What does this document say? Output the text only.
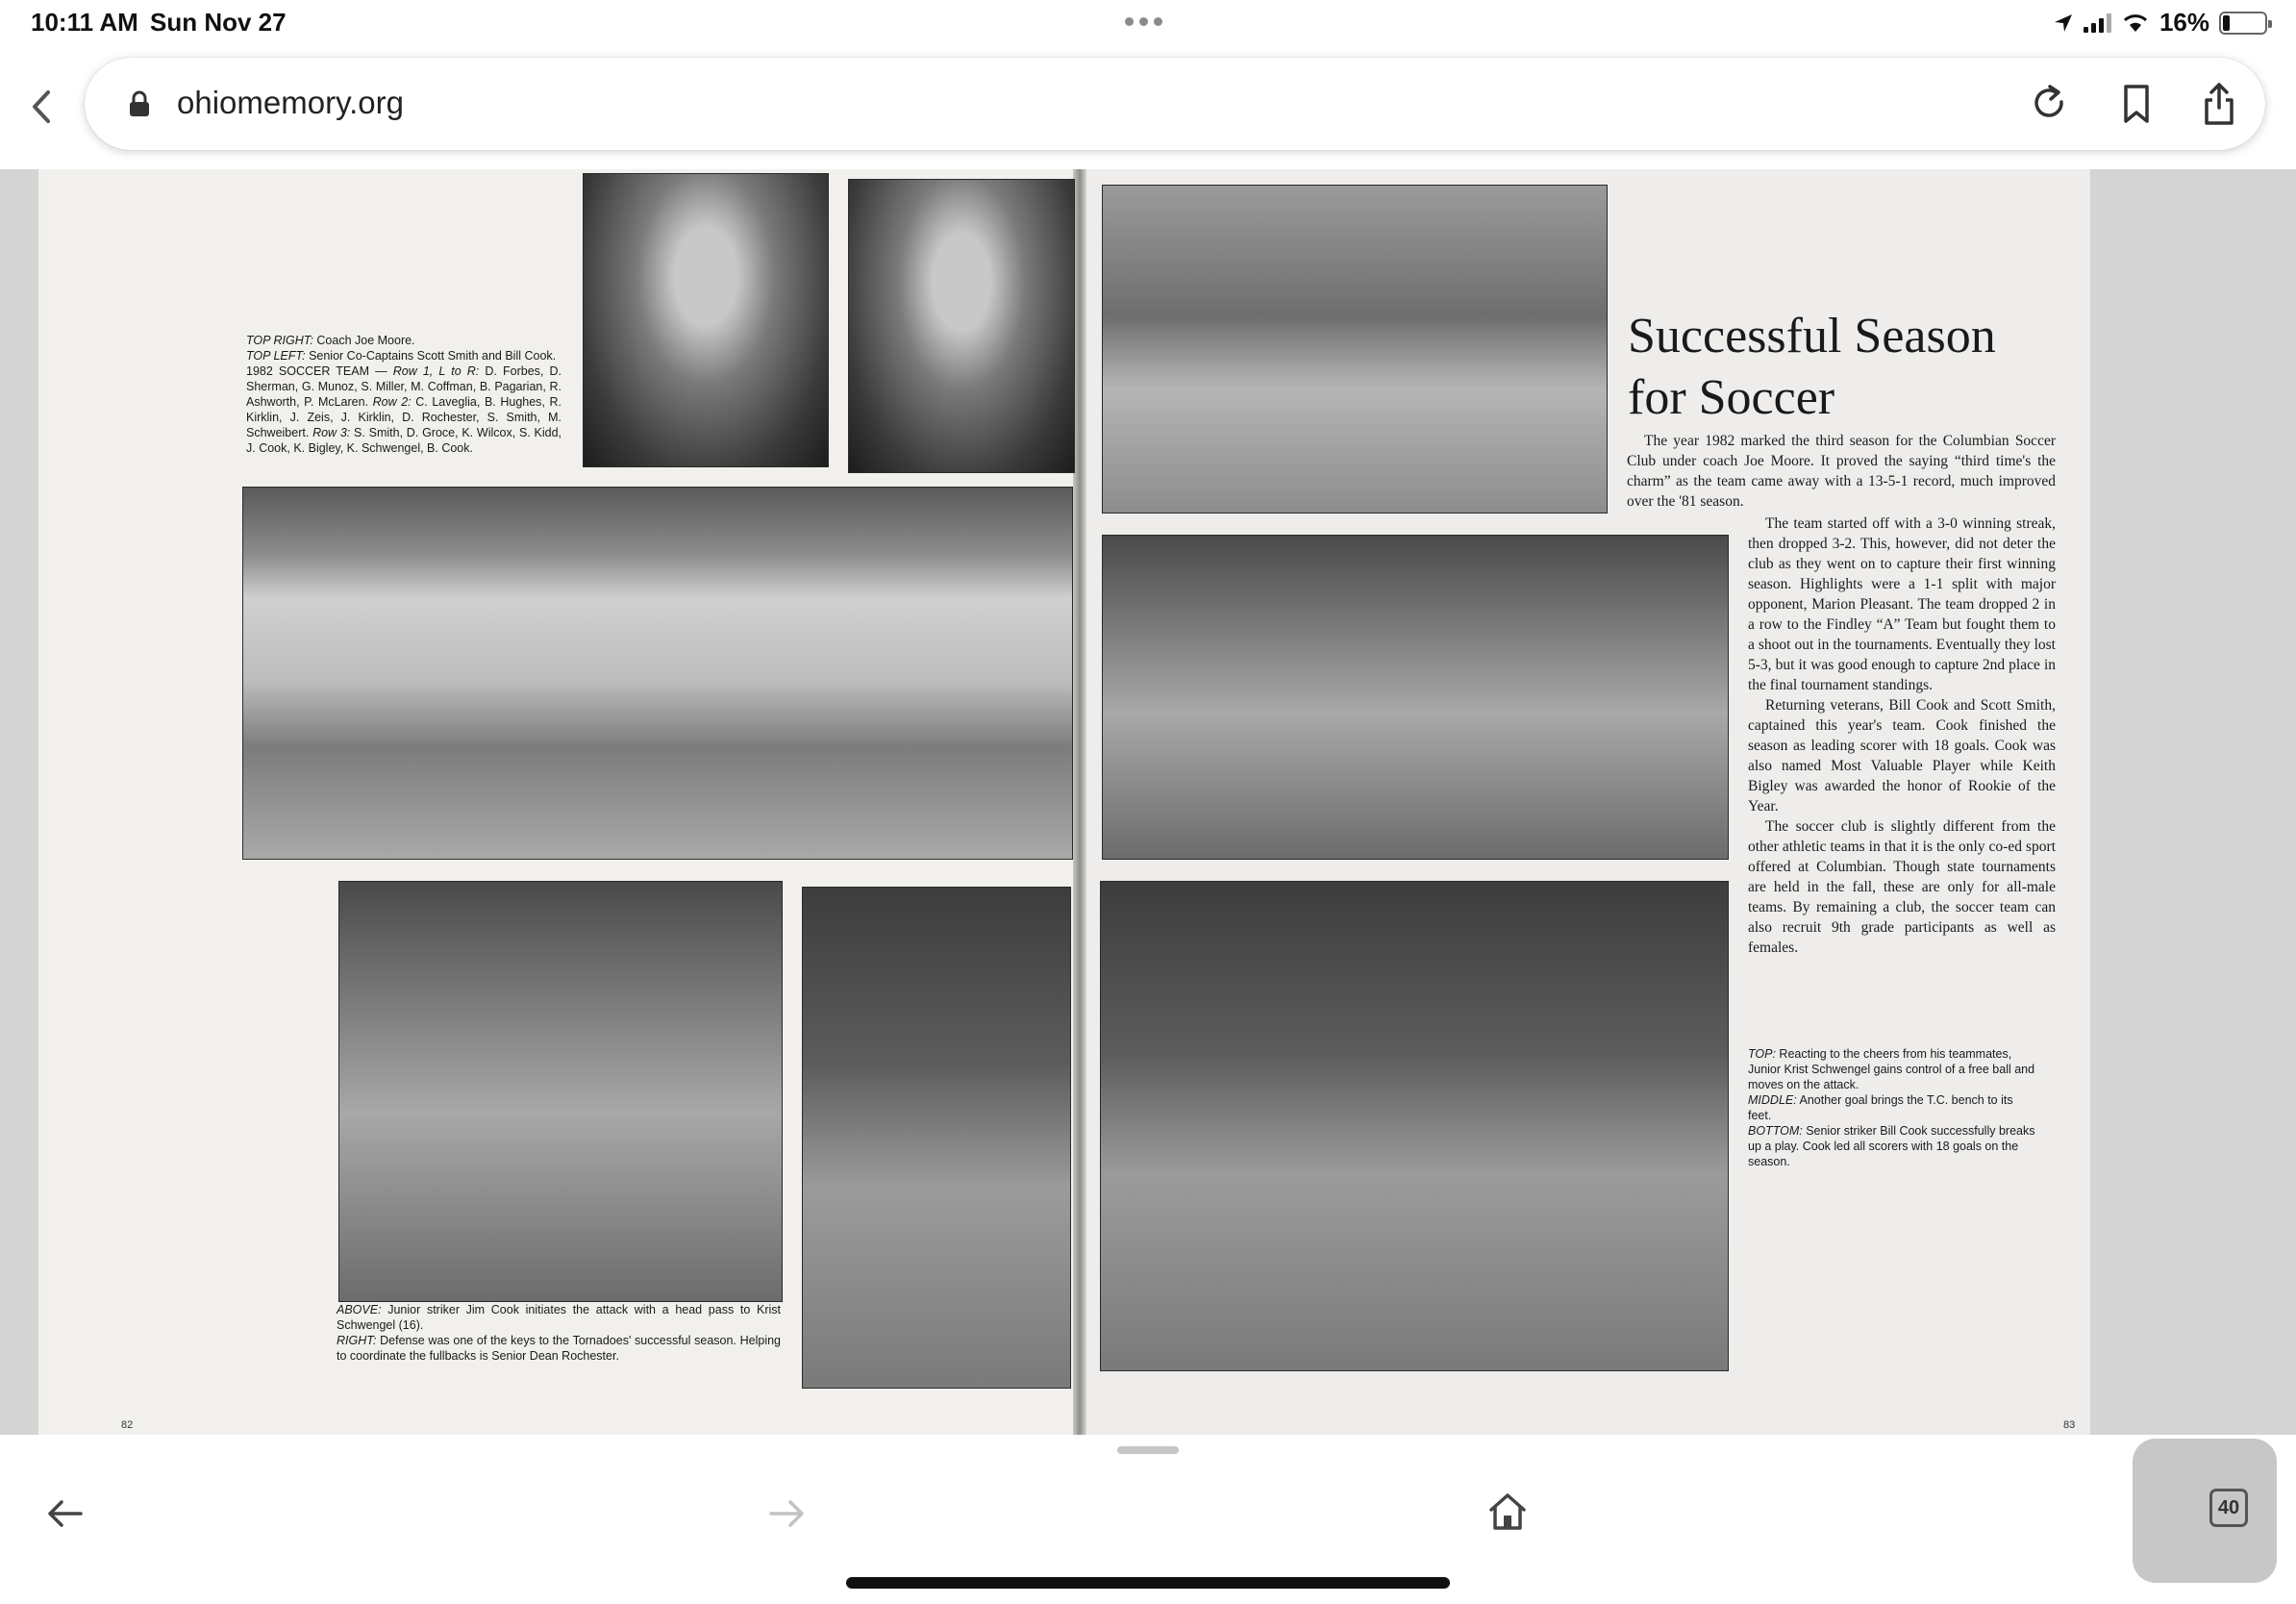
10:11 AM Sun Nov 27	16%
ohiomemory.org
TOP RIGHT: Coach Joe Moore.
TOP LEFT: Senior Co-Captains Scott Smith and Bill Cook.
1982 SOCCER TEAM — Row 1, L to R: D. Forbes, D. Sherman, G. Munoz, S. Miller, M. Coffman, B. Pagarian, R. Ashworth, P. McLaren. Row 2: C. Laveglia, B. Hughes, R. Kirklin, J. Zeis, J. Kirklin, D. Rochester, S. Smith, M. Schweibert. Row 3: S. Smith, D. Groce, K. Wilcox, S. Kidd, J. Cook, K. Bigley, K. Schwengel, B. Cook.
ABOVE: Junior striker Jim Cook initiates the attack with a head pass to Krist Schwengel (16).
RIGHT: Defense was one of the keys to the Tornadoes' successful season. Helping to coordinate the fullbacks is Senior Dean Rochester.
82
Successful Season
for Soccer

The year 1982 marked the third season for the Columbian Soccer Club under coach Joe Moore. It proved the saying “third time's the charm” as the team came away with a 13-5-1 record, much improved over the '81 season.

The team started off with a 3-0 winning streak, then dropped 3-2. This, however, did not deter the club as they went on to capture their first winning season. Highlights were a 1-1 split with major opponent, Marion Pleasant. The team dropped 2 in a row to the Findley “A” Team but fought them to a shoot out in the tournaments. Eventually they lost 5-3, but it was good enough to capture 2nd place in the final tournament standings.

Returning veterans, Bill Cook and Scott Smith, captained this year's team. Cook finished the season as leading scorer with 18 goals. Cook was also named Most Valuable Player while Keith Bigley was awarded the honor of Rookie of the Year.

The soccer club is slightly different from the other athletic teams in that it is the only co-ed sport offered at Columbian. Though state tournaments are held in the fall, these are only for all-male teams. By remaining a club, the soccer team can also recruit 9th grade participants as well as females.

TOP: Reacting to the cheers from his teammates, Junior Krist Schwengel gains control of a free ball and moves on the attack.
MIDDLE: Another goal brings the T.C. bench to its feet.
BOTTOM: Senior striker Bill Cook successfully breaks up a play. Cook led all scorers with 18 goals on the season.
83
40
